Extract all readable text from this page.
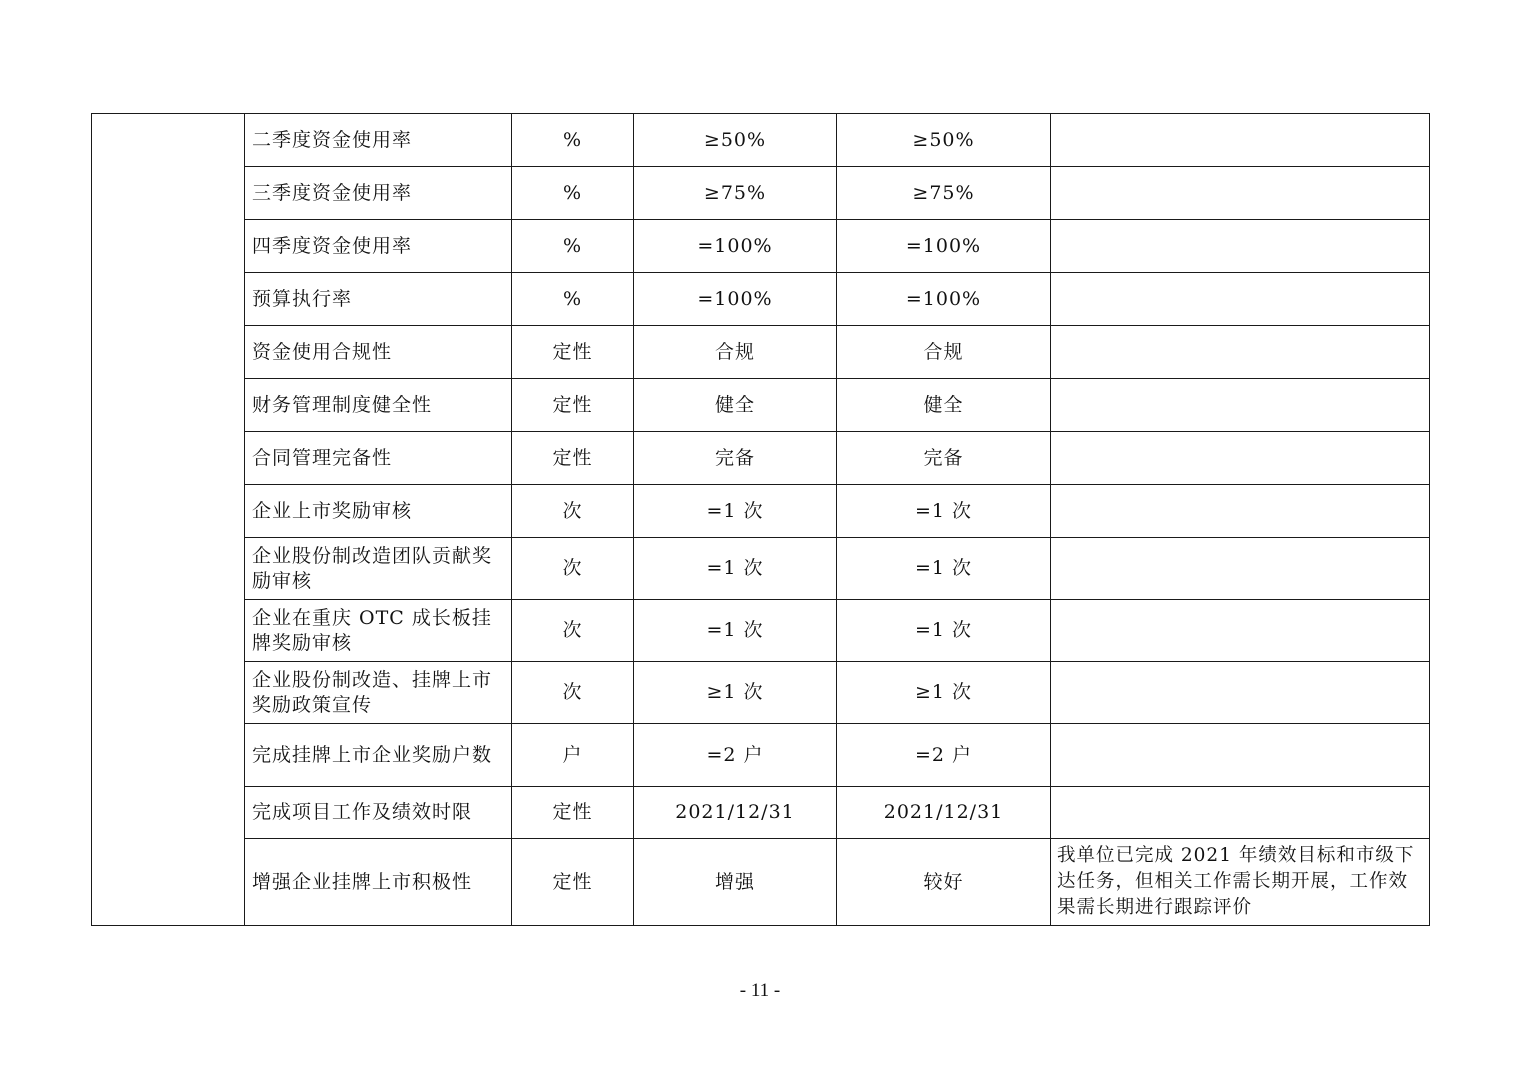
	二季度资金使用率	%	≥50%	≥50%	
	三季度资金使用率	%	≥75%	≥75%	
	四季度资金使用率	%	=100%	=100%	
	预算执行率	%	=100%	=100%	
	资金使用合规性	定性	合规	合规	
	财务管理制度健全性	定性	健全	健全	
	合同管理完备性	定性	完备	完备	
	企业上市奖励审核	次	=1 次	=1 次	
	企业股份制改造团队贡献奖励审核	次	=1 次	=1 次	
	企业在重庆 OTC 成长板挂牌奖励审核	次	=1 次	=1 次	
	企业股份制改造、挂牌上市奖励政策宣传	次	≥1 次	≥1 次	
	完成挂牌上市企业奖励户数	户	=2 户	=2 户	
	完成项目工作及绩效时限	定性	2021/12/31	2021/12/31	
	增强企业挂牌上市积极性	定性	增强	较好	我单位已完成 2021 年绩效目标和市级下达任务，但相关工作需长期开展，工作效果需长期进行跟踪评价
- 11 -
